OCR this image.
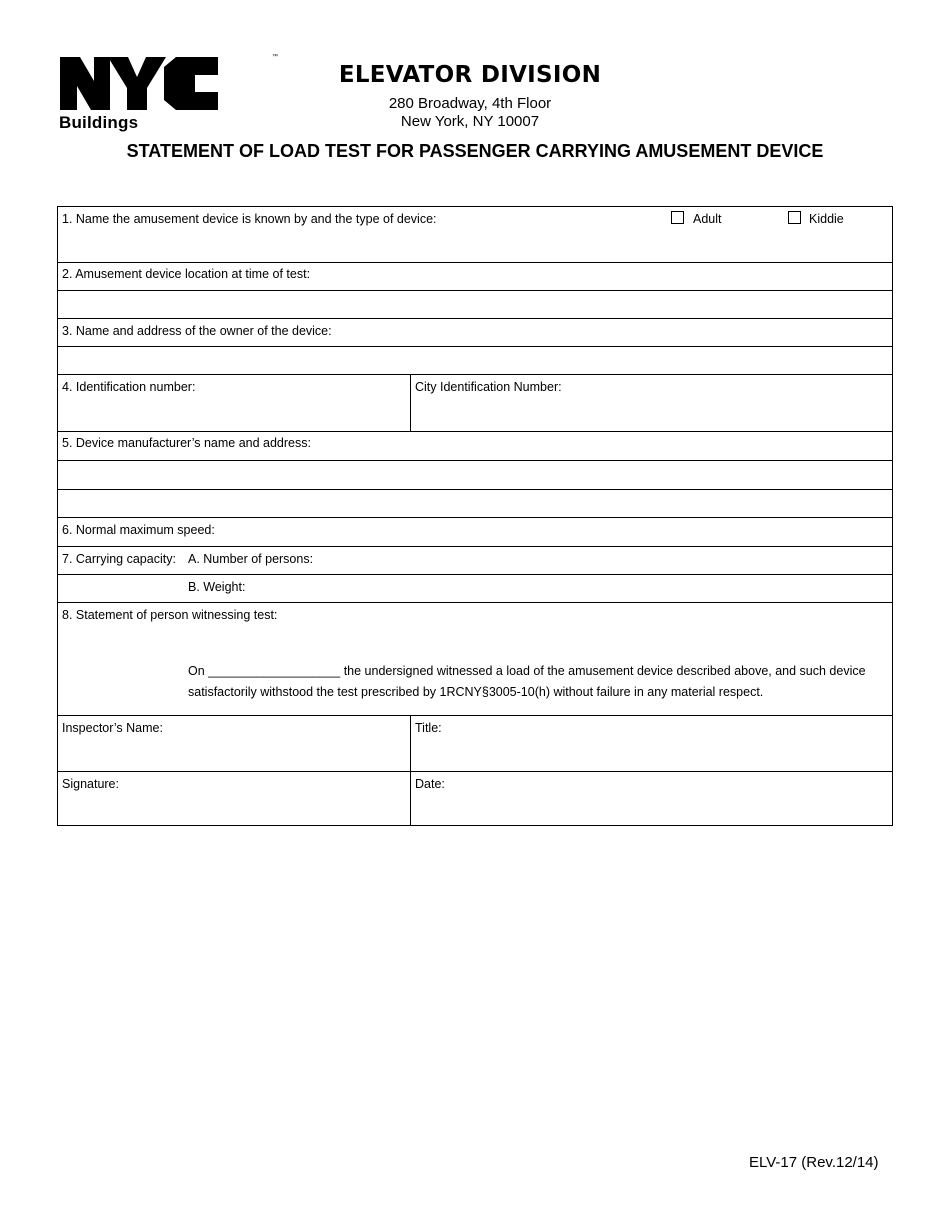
™
Buildings
ELEVATOR DIVISION
280 Broadway, 4th Floor
New York, NY 10007
STATEMENT OF LOAD TEST FOR PASSENGER CARRYING AMUSEMENT DEVICE
1. Name the amusement device is known by and the type of device:	Adult	Kiddie
2. Amusement device location at time of test:
3. Name and address of the owner of the device:
4. Identification number:	City Identification Number:
5. Device manufacturer’s name and address:
6. Normal maximum speed:
7. Carrying capacity: A. Number of persons:
B. Weight:
8. Statement of person witnessing test:
On ___________________ the undersigned witnessed a load of the amusement device described above, and such device
satisfactorily withstood the test prescribed by 1RCNY§3005-10(h) without failure in any material respect.
Inspector’s Name:	Title:
Signature:	Date:
ELV-17 (Rev.12/14)
